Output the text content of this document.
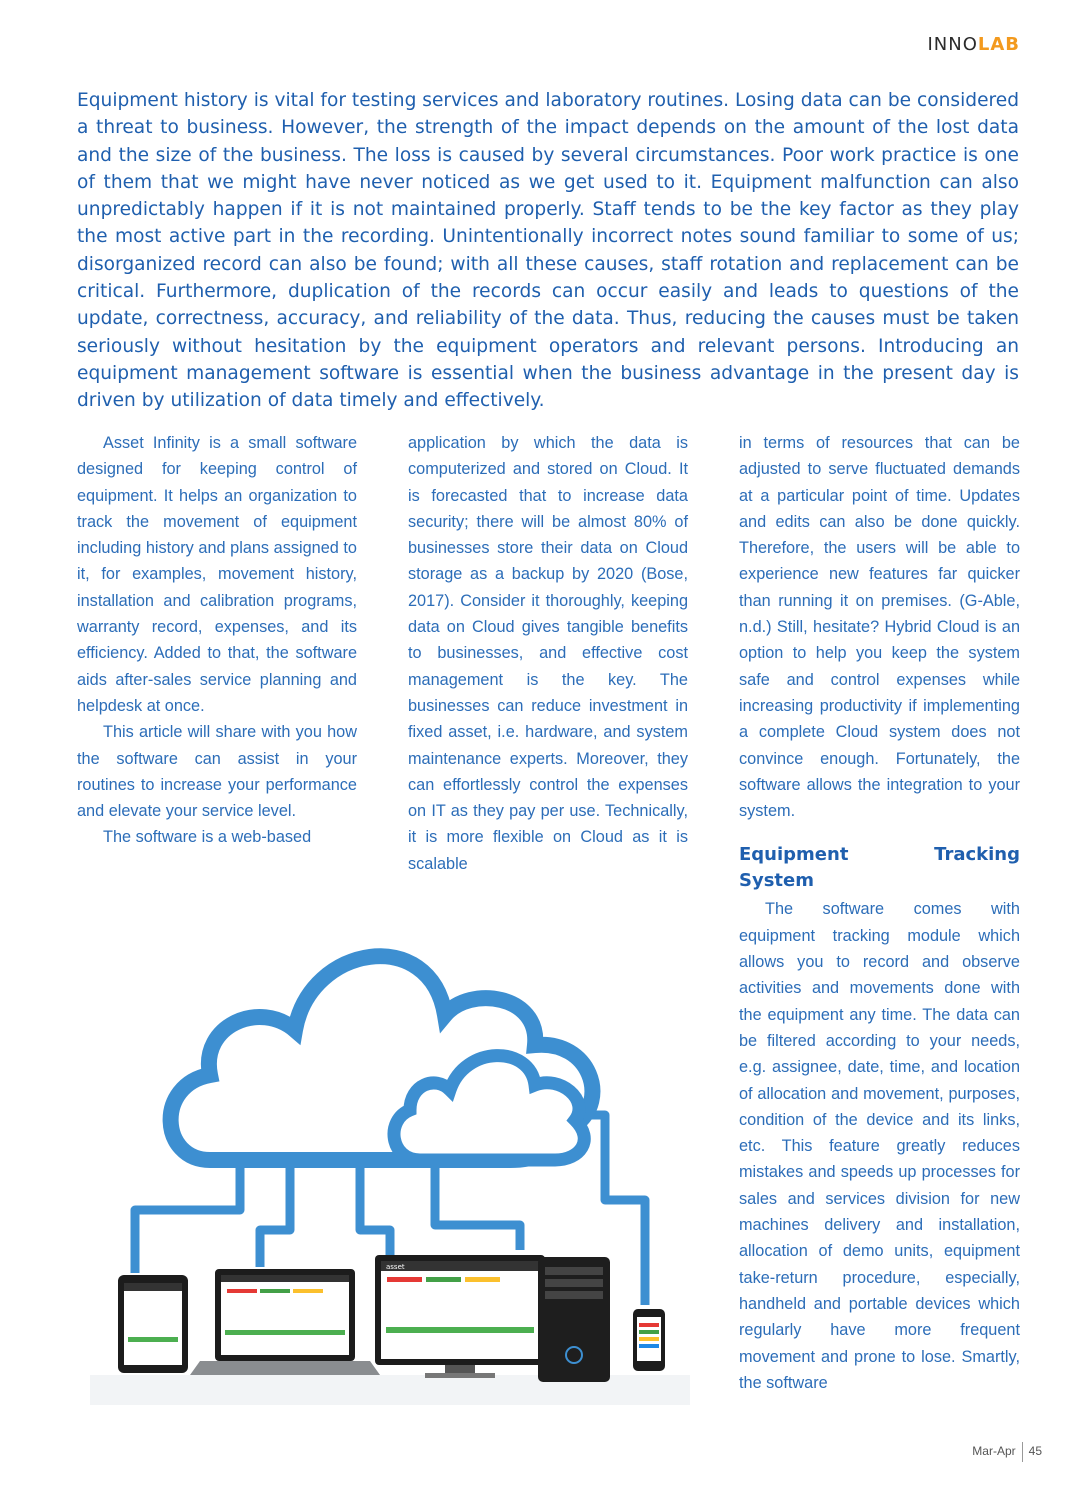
INNOLAB

Equipment history is vital for testing services and laboratory routines. Losing data can be considered a threat to business. However, the strength of the impact depends on the amount of the lost data and the size of the business. The loss is caused by several circumstances. Poor work practice is one of them that we might have never noticed as we get used to it. Equipment malfunction can also unpredictably happen if it is not maintained properly. Staff tends to be the key factor as they play the most active part in the recording. Unintentionally incorrect notes sound familiar to some of us; disorganized record can also be found; with all these causes, staff rotation and replacement can be critical. Furthermore, duplication of the records can occur easily and leads to questions of the update, correctness, accuracy, and reliability of the data. Thus, reducing the causes must be taken seriously without hesitation by the equipment operators and relevant persons. Introducing an equipment management software is essential when the business advantage in the present day is driven by utilization of data timely and effectively.

Asset Infinity is a small software designed for keeping control of equipment. It helps an organization to track the movement of equipment including history and plans assigned to it, for examples, movement history, installation and calibration programs, warranty record, expenses, and its efficiency. Added to that, the software aids after-sales service planning and helpdesk at once.

This article will share with you how the software can assist in your routines to increase your performance and elevate your service level.

The software is a web-based

application by which the data is computerized and stored on Cloud. It is forecasted that to increase data security; there will be almost 80% of businesses store their data on Cloud storage as a backup by 2020 (Bose, 2017). Consider it thoroughly, keeping data on Cloud gives tangible benefits to businesses, and effective cost management is the key. The businesses can reduce investment in fixed asset, i.e. hardware, and system maintenance experts. Moreover, they can effortlessly control the expenses on IT as they pay per use. Technically, it is more flexible on Cloud as it is scalable

in terms of resources that can be adjusted to serve fluctuated demands at a particular point of time. Updates and edits can also be done quickly. Therefore, the users will be able to experience new features far quicker than running it on premises. (G-Able, n.d.) Still, hesitate? Hybrid Cloud is an option to help you keep the system safe and control expenses while increasing productivity if implementing a complete Cloud system does not convince enough. Fortunately, the software allows the integration to your system.

Equipment Tracking System

The software comes with equipment tracking module which allows you to record and observe activities and movements done with the equipment any time. The data can be filtered according to your needs, e.g. assignee, date, time, and location of allocation and movement, purposes, condition of the device and its links, etc. This feature greatly reduces mistakes and speeds up processes for sales and services division for new machines delivery and installation, allocation of demo units, equipment take-return procedure, especially, handheld and portable devices which regularly have more frequent movement and prone to lose. Smartly, the software

asset
Mar-Apr 45
